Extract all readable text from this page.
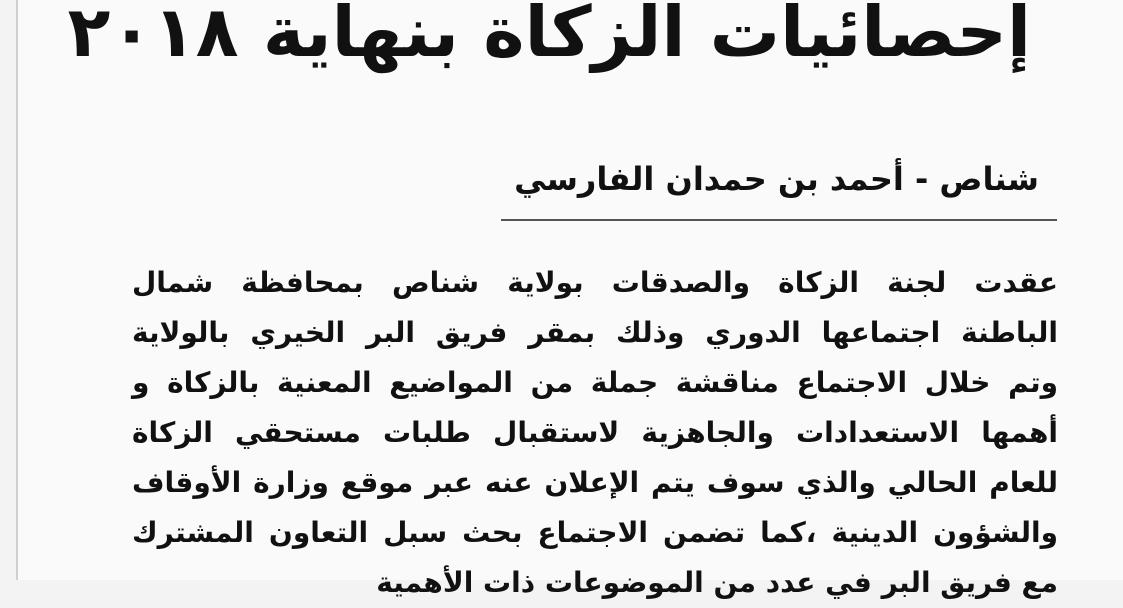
إحصائيات الزكاة بنهاية ٢٠١٨
شناص - أحمد بن حمدان الفارسي
عقدت لجنة الزكاة والصدقات بولاية شناص بمحافظة شمال
الباطنة اجتماعها الدوري وذلك بمقر فريق البر الخيري بالولاية
وتم خلال الاجتماع مناقشة جملة من المواضيع المعنية بالزكاة و
أهمها الاستعدادات والجاهزية لاستقبال طلبات مستحقي الزكاة
للعام الحالي والذي سوف يتم الإعلان عنه عبر موقع وزارة الأوقاف
والشؤون الدينية ،كما تضمن الاجتماع بحث سبل التعاون المشترك
مع فريق البر في عدد من الموضوعات ذات الأهمية
